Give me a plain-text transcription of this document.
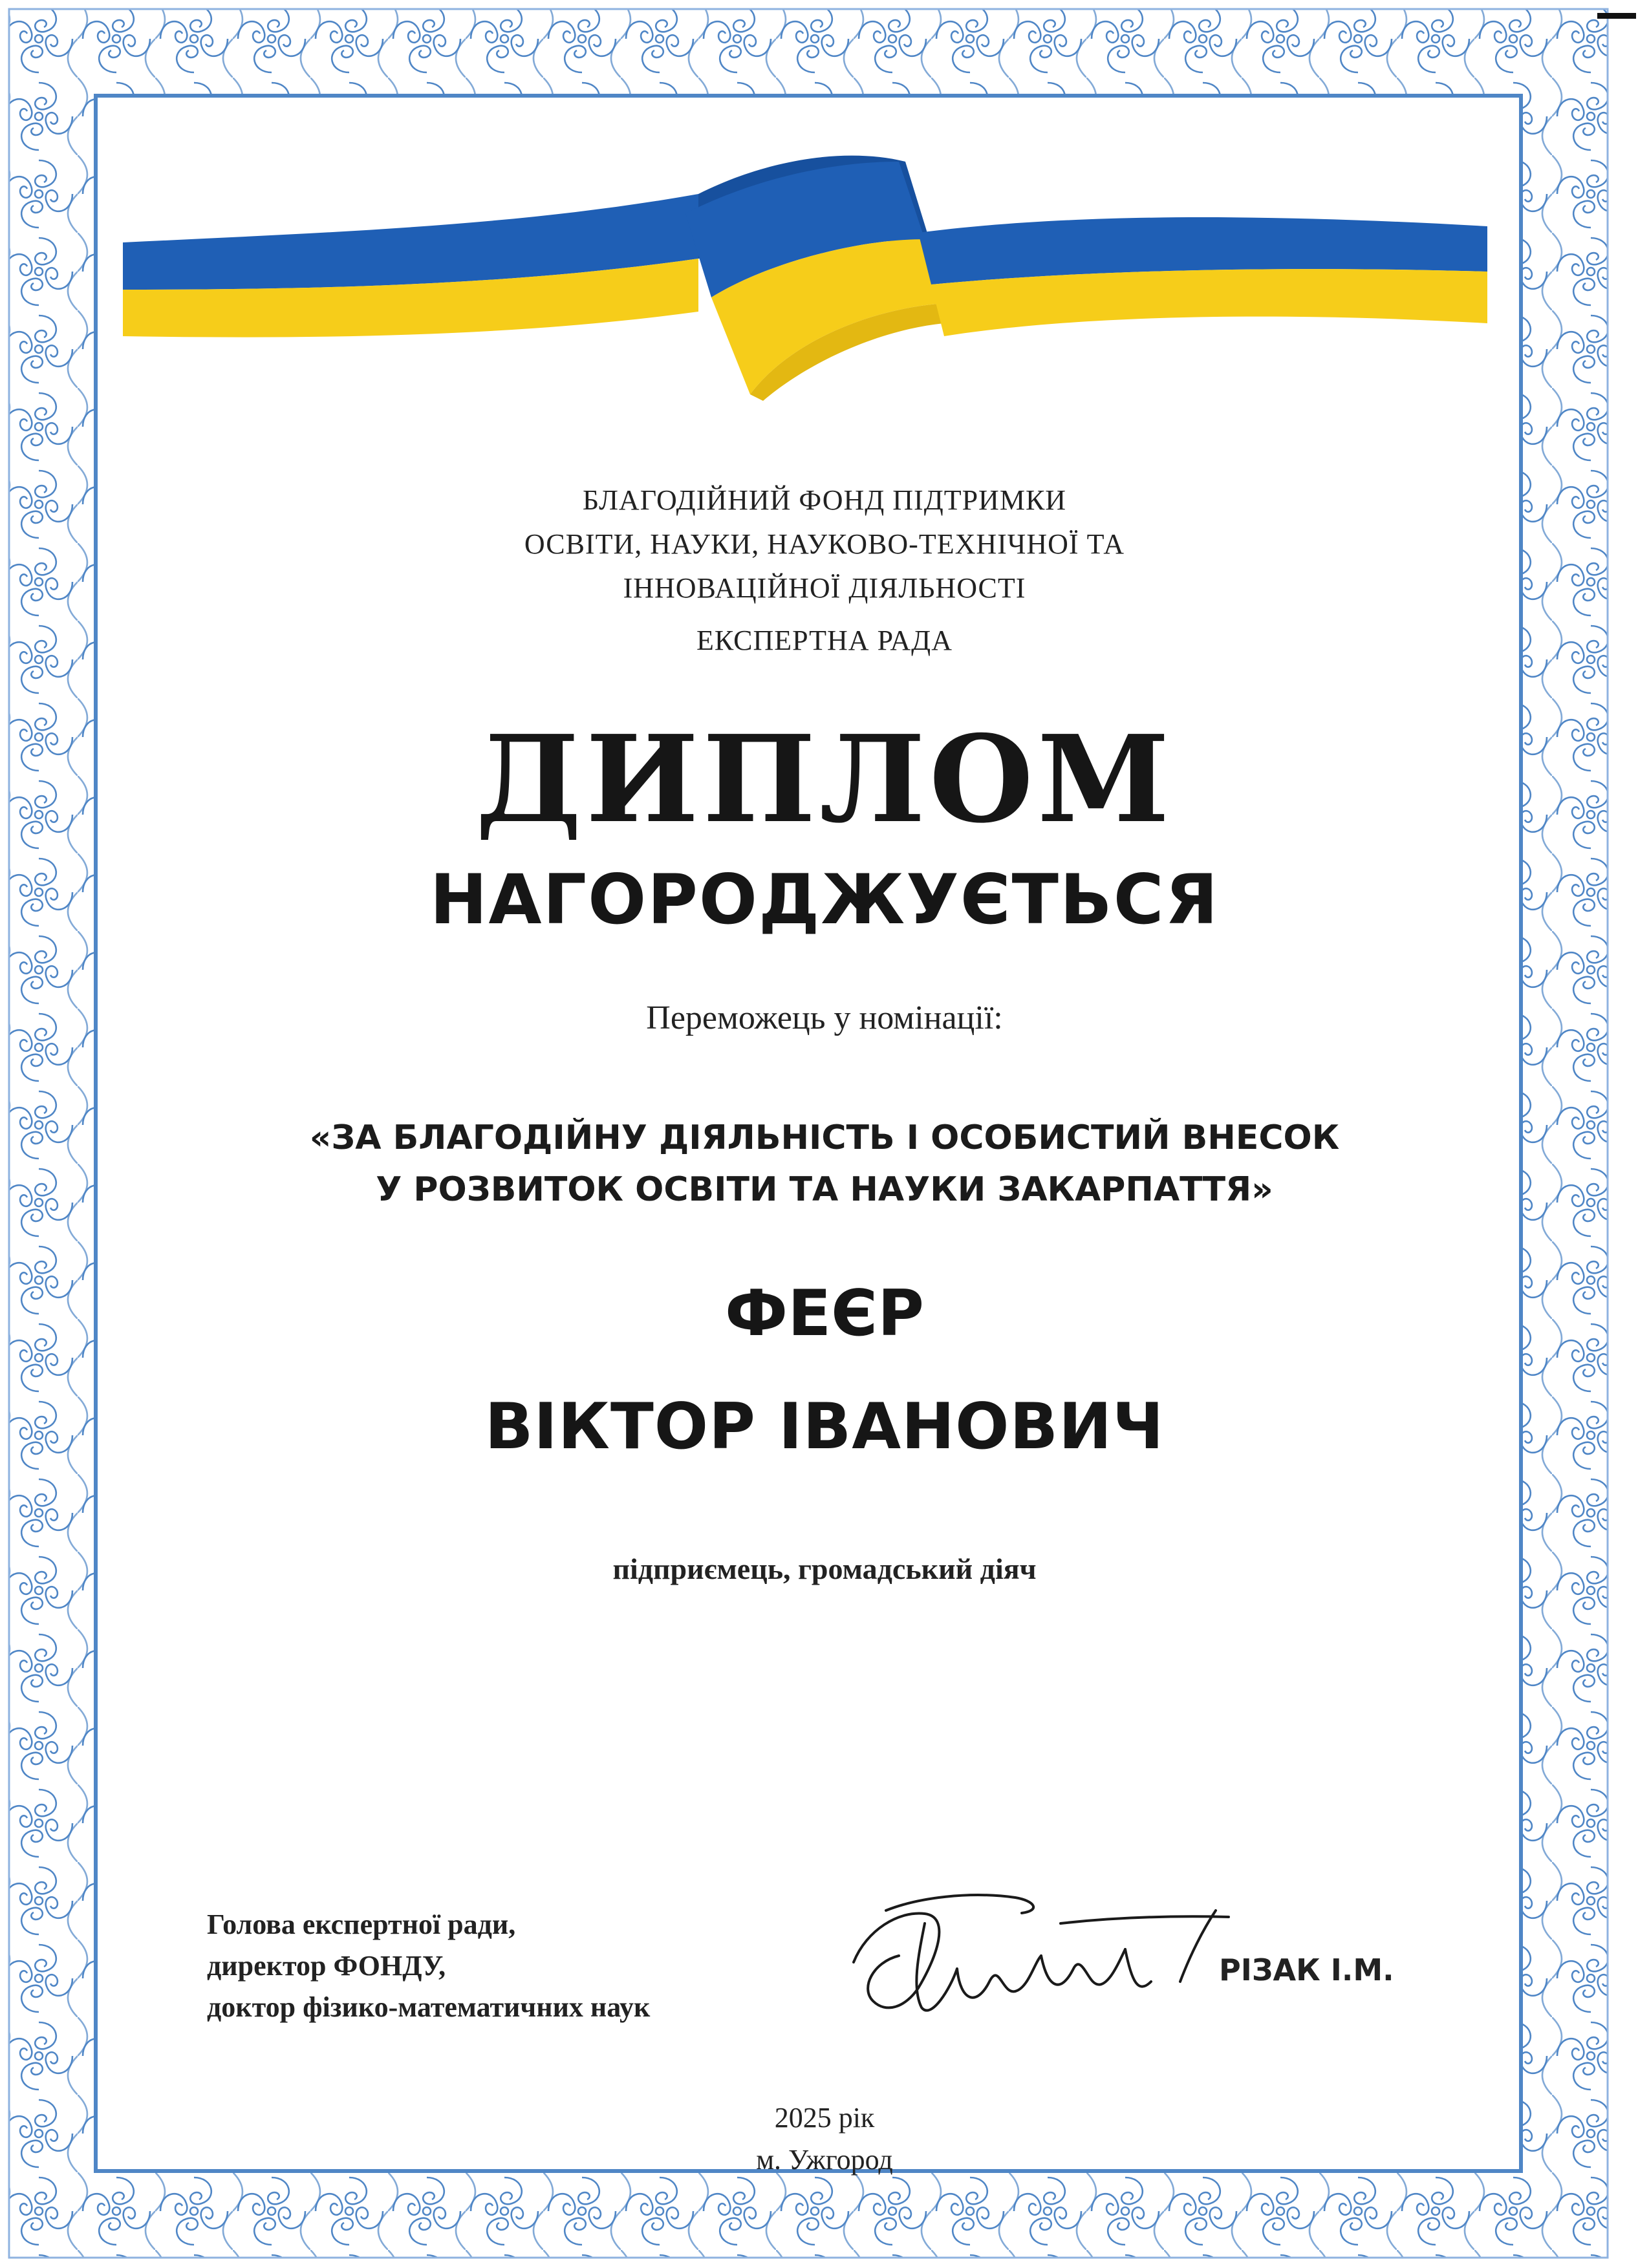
БЛАГОДІЙНИЙ ФОНД ПІДТРИМКИ
ОСВІТИ, НАУКИ, НАУКОВО-ТЕХНІЧНОЇ ТА
ІННОВАЦІЙНОЇ ДІЯЛЬНОСТІ
ЕКСПЕРТНА РАДА
ДИПЛОМ
НАГОРОДЖУЄТЬСЯ
Переможець у номінації:
«ЗА БЛАГОДІЙНУ ДІЯЛЬНІСТЬ І ОСОБИСТИЙ ВНЕСОК
У РОЗВИТОК ОСВІТИ ТА НАУКИ ЗАКАРПАТТЯ»
ФЕЄР
ВІКТОР ІВАНОВИЧ
підприємець, громадський діяч
Голова експертної ради,
директор ФОНДУ,
доктор фізико-математичних наук
РІЗАК І.М.
2025 рік
м. Ужгород
